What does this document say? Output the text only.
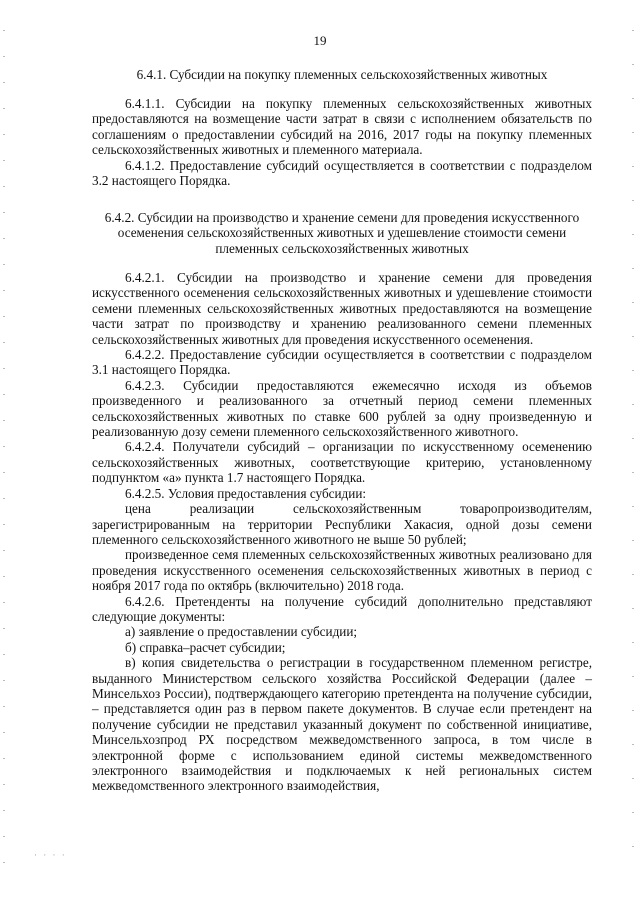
19
6.4.1. Субсидии на покупку племенных сельскохозяйственных животных

6.4.1.1. Субсидии на покупку племенных сельскохозяйственных животных предоставляются на возмещение части затрат в связи с исполнением обязательств по соглашениям о предоставлении субсидий на 2016, 2017 годы на покупку племенных сельскохозяйственных животных и племенного материала.

6.4.1.2. Предоставление субсидий осуществляется в соответствии с подразделом 3.2 настоящего Порядка.

6.4.2. Субсидии на производство и хранение семени для проведения искусственного осеменения сельскохозяйственных животных и удешевление стоимости семени племенных сельскохозяйственных животных

6.4.2.1. Субсидии на производство и хранение семени для проведения искусственного осеменения сельскохозяйственных животных и удешевление стоимости семени племенных сельскохозяйственных животных предоставляются на возмещение части затрат по производству и хранению реализованного семени племенных сельскохозяйственных животных для проведения искусственного осеменения.

6.4.2.2. Предоставление субсидии осуществляется в соответствии с подразделом 3.1 настоящего Порядка.

6.4.2.3. Субсидии предоставляются ежемесячно исходя из объемов произведенного и реализованного за отчетный период семени племенных сельскохозяйственных животных по ставке 600 рублей за одну произведенную и реализованную дозу семени племенного сельскохозяйственного животного.

6.4.2.4. Получатели субсидий – организации по искусственному осеменению сельскохозяйственных животных, соответствующие критерию, установленному подпунктом «а» пункта 1.7 настоящего Порядка.

6.4.2.5. Условия предоставления субсидии:

цена реализации сельскохозяйственным товаропроизводителям, зарегистрированным на территории Республики Хакасия, одной дозы семени племенного сельскохозяйственного животного не выше 50 рублей;

произведенное семя племенных сельскохозяйственных животных реализовано для проведения искусственного осеменения сельскохозяйственных животных в период с ноября 2017 года по октябрь (включительно) 2018 года.

6.4.2.6. Претенденты на получение субсидий дополнительно представляют следующие документы:

а) заявление о предоставлении субсидии;

б) справка–расчет субсидии;

в) копия свидетельства о регистрации в государственном племенном регистре, выданного Министерством сельского хозяйства Российской Федерации (далее – Минсельхоз России), подтверждающего категорию претендента на получение субсидии, – представляется один раз в первом пакете документов. В случае если претендент на получение субсидии не представил указанный документ по собственной инициативе, Минсельхозпрод РХ посредством межведомственного запроса, в том числе в электронной форме с использованием единой системы межведомственного электронного взаимодействия и подключаемых к ней региональных систем межведомственного электронного взаимодействия,

· · · ·
